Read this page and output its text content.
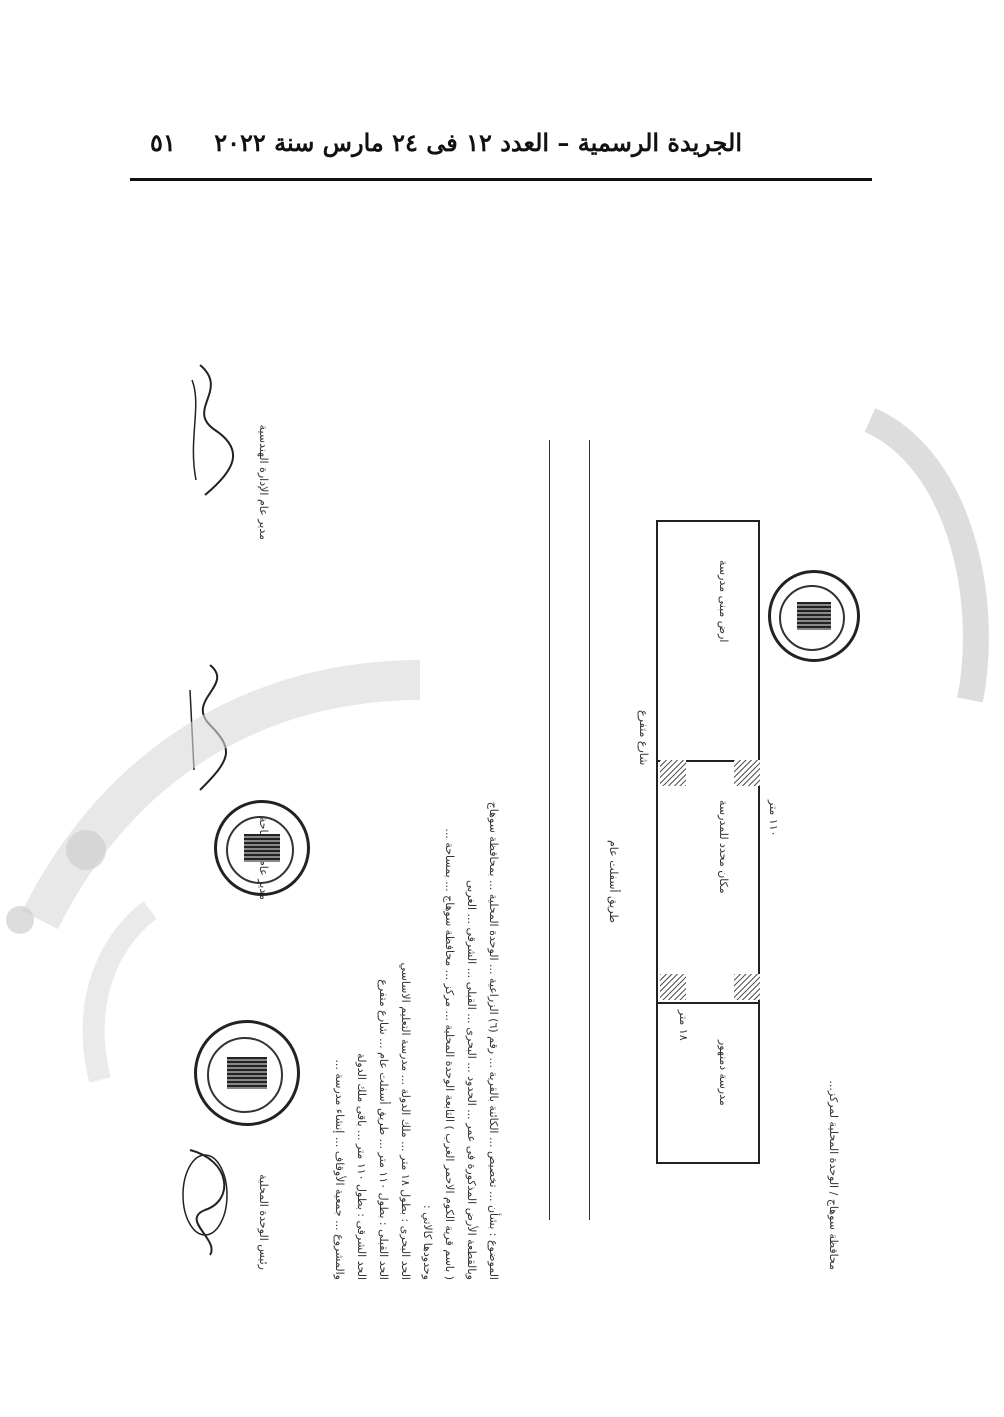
الجريدة الرسمية – العدد ١٢ فى ٢٤ مارس سنة ٢٠٢٢
٥١
محافظة سوهاج / الوحدة المحلية لمركز...
مكان محدد للمدرسة
مدرسة دمنهور
ارض مبنى مدرسة
شارع متفرع
طريق أسفلت عام
١١٠ متر
١٨ متر
الموضوع : بشأن ... تخصيص ... الكائنة بالقرية ... رقم (٦) الزراعية ... الوحدة المحلية ... بمحافظة سوهاج
وبالقطعة الأرض المذكورة فى عمر ... الحدود ... البحرى ... القبلى ... الشرقى ... الغربى
( باسم قرية الكوم الاحمر الغرب ) التابعة الوحدة المحلية ... مركز ... محافظة سوهاج ... بمساحة ...
وحدودها كالاتي :
الحد البحرى : بطول ١٨ متر ... ملك الدولة ... مدرسة التعليم الاساسي
الحد القبلى : بطول ١١٠ متر ... طريق أسفلت عام ... شارع متفرع
الحد الشرقى : بطول ١١٠ متر ... باقى ملك الدولة
والمشروع ... جمعية الأوقاف ... إنشاء مدرسة ...
رئيس الوحدة المحلية
مدير عام الإدارة الهندسية
